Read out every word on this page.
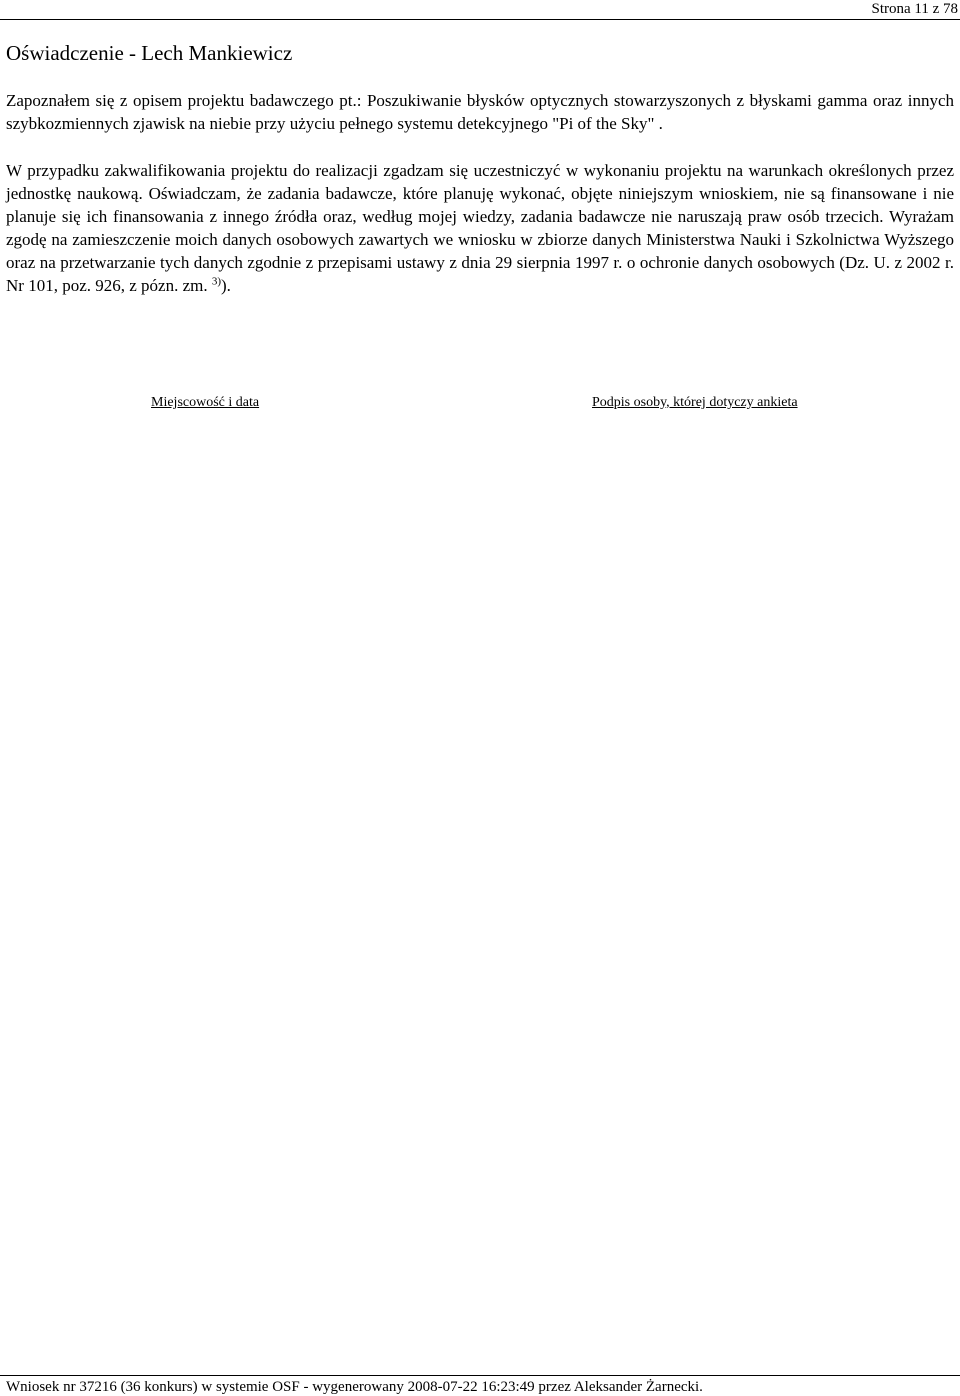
Strona 11 z 78
Oświadczenie - Lech Mankiewicz

Zapoznałem się z opisem projektu badawczego pt.: Poszukiwanie błysków optycznych stowarzyszonych z błyskami gamma oraz innych szybkozmiennych zjawisk na niebie przy użyciu pełnego systemu detekcyjnego "Pi of the Sky" .

W przypadku zakwalifikowania projektu do realizacji zgadzam się uczestniczyć w wykonaniu projektu na warunkach określonych przez jednostkę naukową. Oświadczam, że zadania badawcze, które planuję wykonać, objęte niniejszym wnioskiem, nie są finansowane i nie planuje się ich finansowania z innego źródła oraz, według mojej wiedzy, zadania badawcze nie naruszają praw osób trzecich. Wyrażam zgodę na zamieszczenie moich danych osobowych zawartych we wniosku w zbiorze danych Ministerstwa Nauki i Szkolnictwa Wyższego oraz na przetwarzanie tych danych zgodnie z przepisami ustawy z dnia 29 sierpnia 1997 r. o ochronie danych osobowych (Dz. U. z 2002 r. Nr 101, poz. 926, z pózn. zm. $^{3)}$).

Miejscowość i data	Podpis osoby, której dotyczy ankieta
Wniosek nr 37216 (36 konkurs) w systemie OSF - wygenerowany 2008-07-22 16:23:49 przez Aleksander Żarnecki.
